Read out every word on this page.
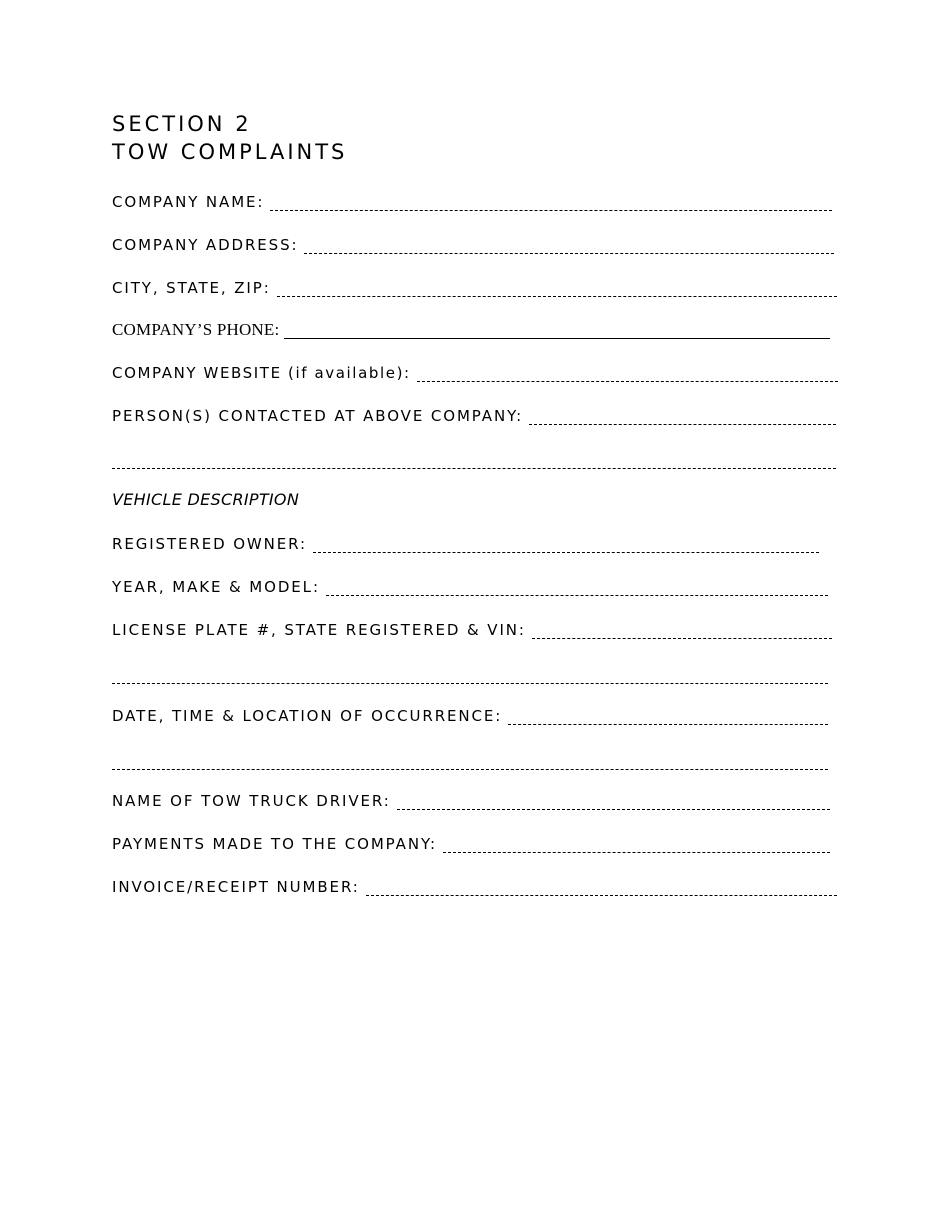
SECTION 2
TOW COMPLAINTS
COMPANY NAME:
COMPANY ADDRESS:
CITY, STATE, ZIP:
COMPANY’S PHONE:
COMPANY WEBSITE (if available):
PERSON(S) CONTACTED AT ABOVE COMPANY:
VEHICLE DESCRIPTION
REGISTERED OWNER:
YEAR, MAKE & MODEL:
LICENSE PLATE #, STATE REGISTERED & VIN:
DATE, TIME & LOCATION OF OCCURRENCE:
NAME OF TOW TRUCK DRIVER:
PAYMENTS MADE TO THE COMPANY:
INVOICE/RECEIPT NUMBER:
